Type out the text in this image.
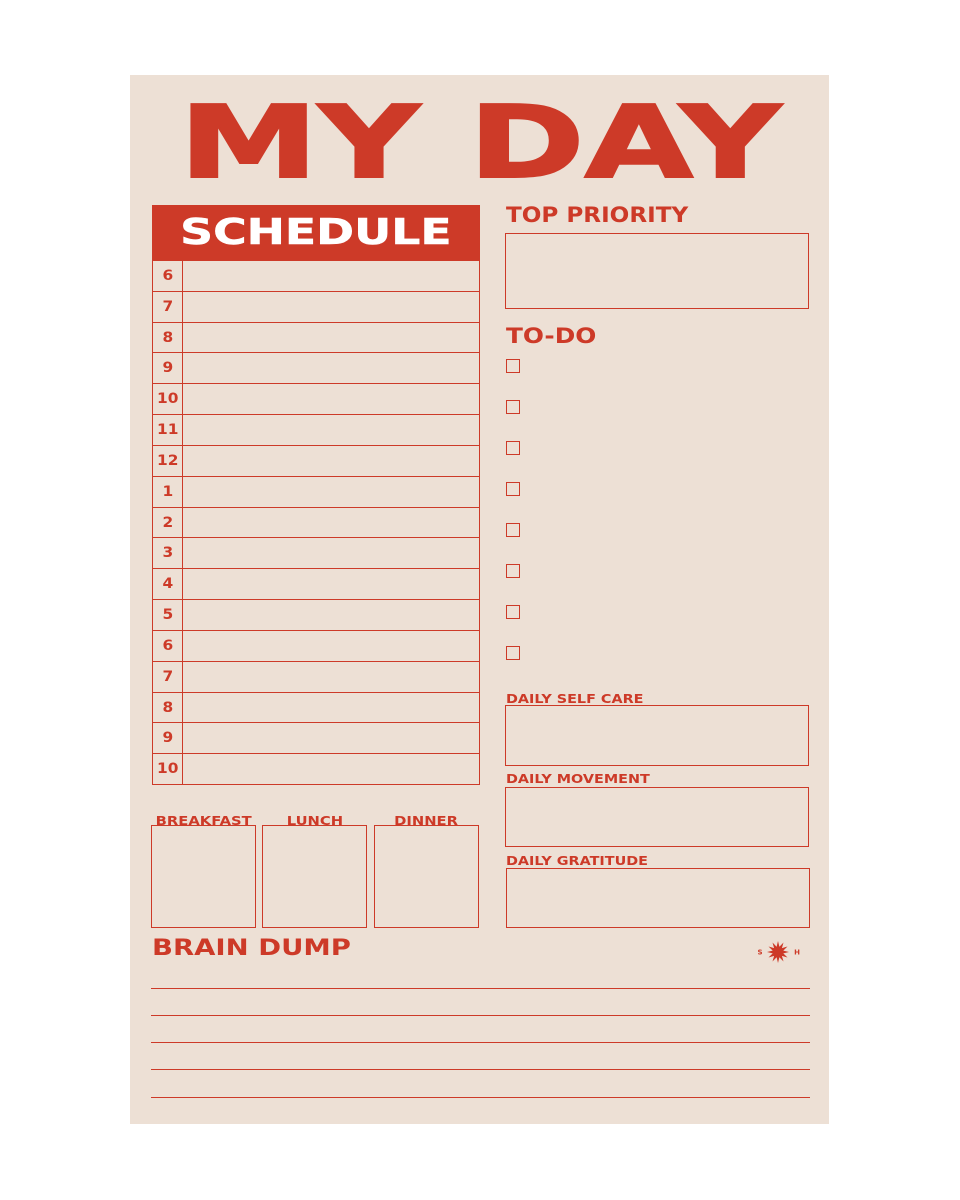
MY DAY
SCHEDULE
6
7
8
9
10
11
12
1
2
3
4
5
6
7
8
9
10
TOP PRIORITY
TO-DO
DAILY SELF CARE
DAILY MOVEMENT
DAILY GRATITUDE
BREAKFAST	LUNCH	DINNER
BRAIN DUMP	S	H
